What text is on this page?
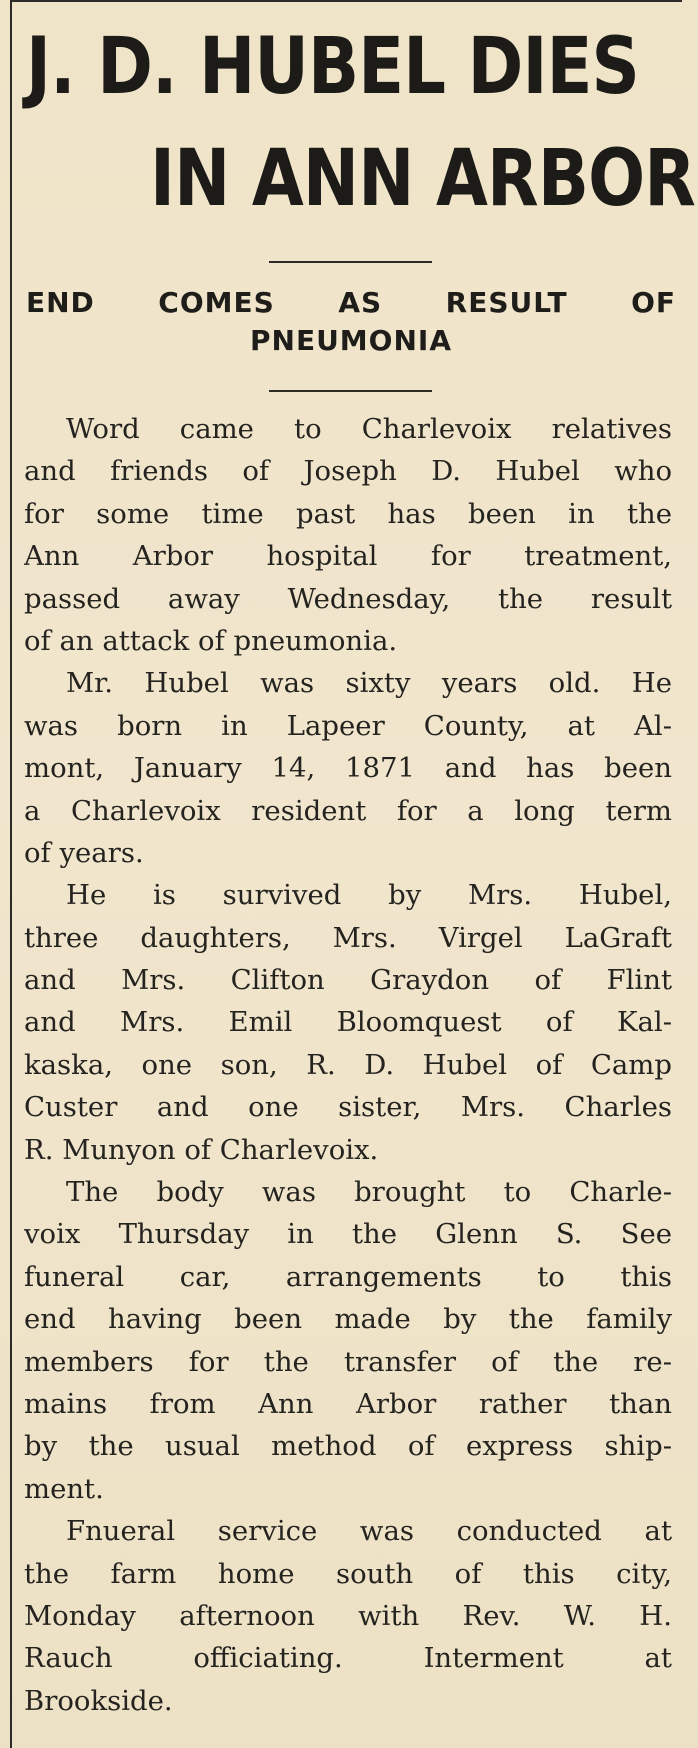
J. D. HUBEL DIES
IN ANN ARBOR
END COMES AS RESULT OF
PNEUMONIA
Word came to Charlevoix relatives
and friends of Joseph D. Hubel who
for some time past has been in the
Ann Arbor hospital for treatment,
passed away Wednesday, the result
of an attack of pneumonia.
Mr. Hubel was sixty years old. He
was born in Lapeer County, at Al-
mont, January 14, 1871 and has been
a Charlevoix resident for a long term
of years.
He is survived by Mrs. Hubel,
three daughters, Mrs. Virgel LaGraft
and Mrs. Clifton Graydon of Flint
and Mrs. Emil Bloomquest of Kal-
kaska, one son, R. D. Hubel of Camp
Custer and one sister, Mrs. Charles
R. Munyon of Charlevoix.
The body was brought to Charle-
voix Thursday in the Glenn S. See
funeral car, arrangements to this
end having been made by the family
members for the transfer of the re-
mains from Ann Arbor rather than
by the usual method of express ship-
ment.
Fnueral service was conducted at
the farm home south of this city,
Monday afternoon with Rev. W. H.
Rauch officiating. Interment at
Brookside.
